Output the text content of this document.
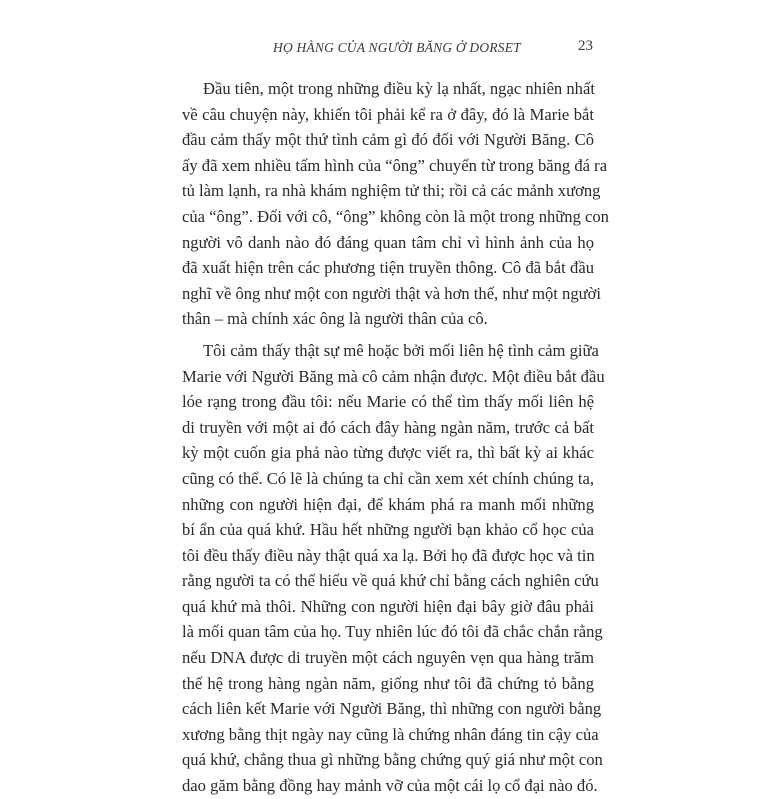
HỌ HÀNG CỦA NGƯỜI BĂNG Ở DORSET	23

Đầu tiên, một trong những điều kỳ lạ nhất, ngạc nhiên nhất
về câu chuyện này, khiến tôi phải kể ra ở đây, đó là Marie bắt
đầu cảm thấy một thứ tình cảm gì đó đối với Người Băng. Cô
ấy đã xem nhiều tấm hình của “ông” chuyển từ trong băng đá ra
tủ làm lạnh, ra nhà khám nghiệm tử thi; rồi cả các mảnh xương
của “ông”. Đối với cô, “ông” không còn là một trong những con
người vô danh nào đó đáng quan tâm chỉ vì hình ảnh của họ
đã xuất hiện trên các phương tiện truyền thông. Cô đã bắt đầu
nghĩ về ông như một con người thật và hơn thế, như một người
thân – mà chính xác ông là người thân của cô.

Tôi cảm thấy thật sự mê hoặc bởi mối liên hệ tình cảm giữa
Marie với Người Băng mà cô cảm nhận được. Một điều bắt đầu
lóe rạng trong đầu tôi: nếu Marie có thể tìm thấy mối liên hệ
di truyền với một ai đó cách đây hàng ngàn năm, trước cả bất
kỳ một cuốn gia phả nào từng được viết ra, thì bất kỳ ai khác
cũng có thể. Có lẽ là chúng ta chỉ cần xem xét chính chúng ta,
những con người hiện đại, để khám phá ra manh mối những
bí ẩn của quá khứ. Hầu hết những người bạn khảo cổ học của
tôi đều thấy điều này thật quá xa lạ. Bởi họ đã được học và tin
rằng người ta có thể hiểu về quá khứ chỉ bằng cách nghiên cứu
quá khứ mà thôi. Những con người hiện đại bây giờ đâu phải
là mối quan tâm của họ. Tuy nhiên lúc đó tôi đã chắc chắn rằng
nếu DNA được di truyền một cách nguyên vẹn qua hàng trăm
thế hệ trong hàng ngàn năm, giống như tôi đã chứng tỏ bằng
cách liên kết Marie với Người Băng, thì những con người bằng
xương bằng thịt ngày nay cũng là chứng nhân đáng tin cậy của
quá khứ, chẳng thua gì những bằng chứng quý giá như một con
dao găm bằng đồng hay mảnh vỡ của một cái lọ cổ đại nào đó.
